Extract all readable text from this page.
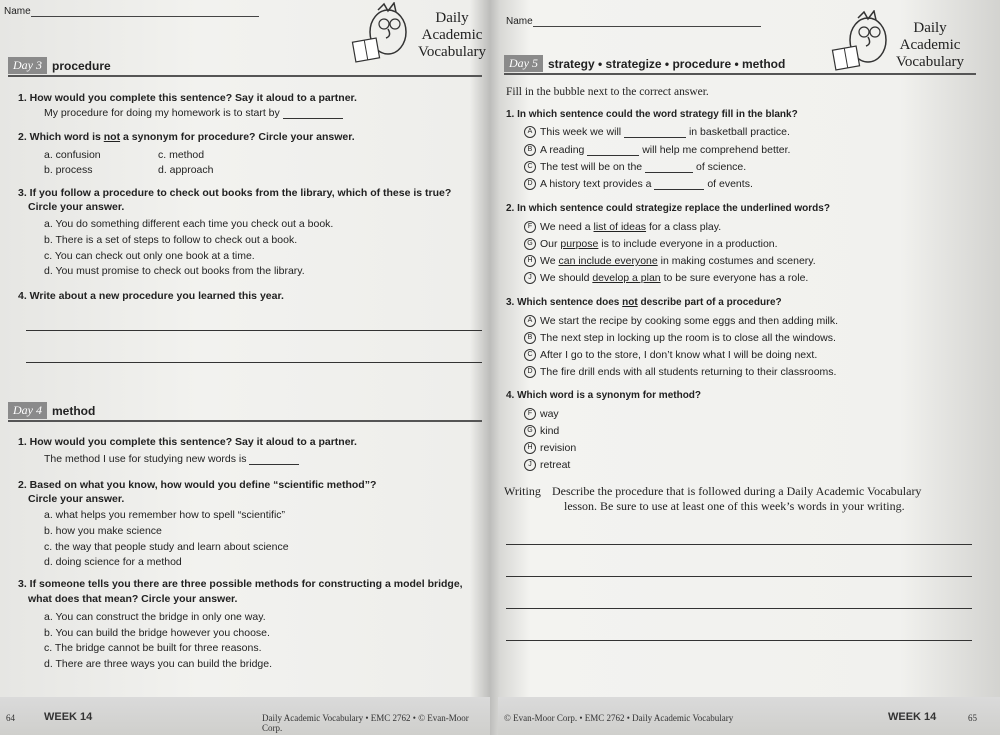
Name	Daily
Academic
Vocabulary
Day 3 procedure
1. How would you complete this sentence? Say it aloud to a partner.
My procedure for doing my homework is to start by
2. Which word is not a synonym for procedure? Circle your answer.
a. confusion	c. method
b. process	d. approach
3. If you follow a procedure to check out books from the library, which of these is true?
Circle your answer.
a. You do something different each time you check out a book.
b. There is a set of steps to follow to check out a book.
c. You can check out only one book at a time.
d. You must promise to check out books from the library.
4. Write about a new procedure you learned this year.
Day 4 method
1. How would you complete this sentence? Say it aloud to a partner.
The method I use for studying new words is
2. Based on what you know, how would you define “scientific method”?
Circle your answer.
a. what helps you remember how to spell “scientific”
b. how you make science
c. the way that people study and learn about science
d. doing science for a method
3. If someone tells you there are three possible methods for constructing a model bridge,
what does that mean? Circle your answer.
a. You can construct the bridge in only one way.
b. You can build the bridge however you choose.
c. The bridge cannot be built for three reasons.
d. There are three ways you can build the bridge.
64	WEEK 14	Daily Academic Vocabulary • EMC 2762 • © Evan-Moor Corp.
Name	Daily
Academic
Vocabulary
Day 5 strategy • strategize • procedure • method
Fill in the bubble next to the correct answer.
1. In which sentence could the word strategy fill in the blank?
A This week we will	in basketball practice.
B A reading	will help me comprehend better.
C The test will be on the	of science.
D A history text provides a	of events.
2. In which sentence could strategize replace the underlined words?
F We need a list of ideas for a class play.
G Our purpose is to include everyone in a production.
H We can include everyone in making costumes and scenery.
J We should develop a plan to be sure everyone has a role.
3. Which sentence does not describe part of a procedure?
A We start the recipe by cooking some eggs and then adding milk.
B The next step in locking up the room is to close all the windows.
C After I go to the store, I don’t know what I will be doing next.
D The fire drill ends with all students returning to their classrooms.
4. Which word is a synonym for method?
F way
G kind
H revision
J retreat
Writing Describe the procedure that is followed during a Daily Academic Vocabulary
lesson. Be sure to use at least one of this week’s words in your writing.
© Evan-Moor Corp. • EMC 2762 • Daily Academic Vocabulary	WEEK 14	65
